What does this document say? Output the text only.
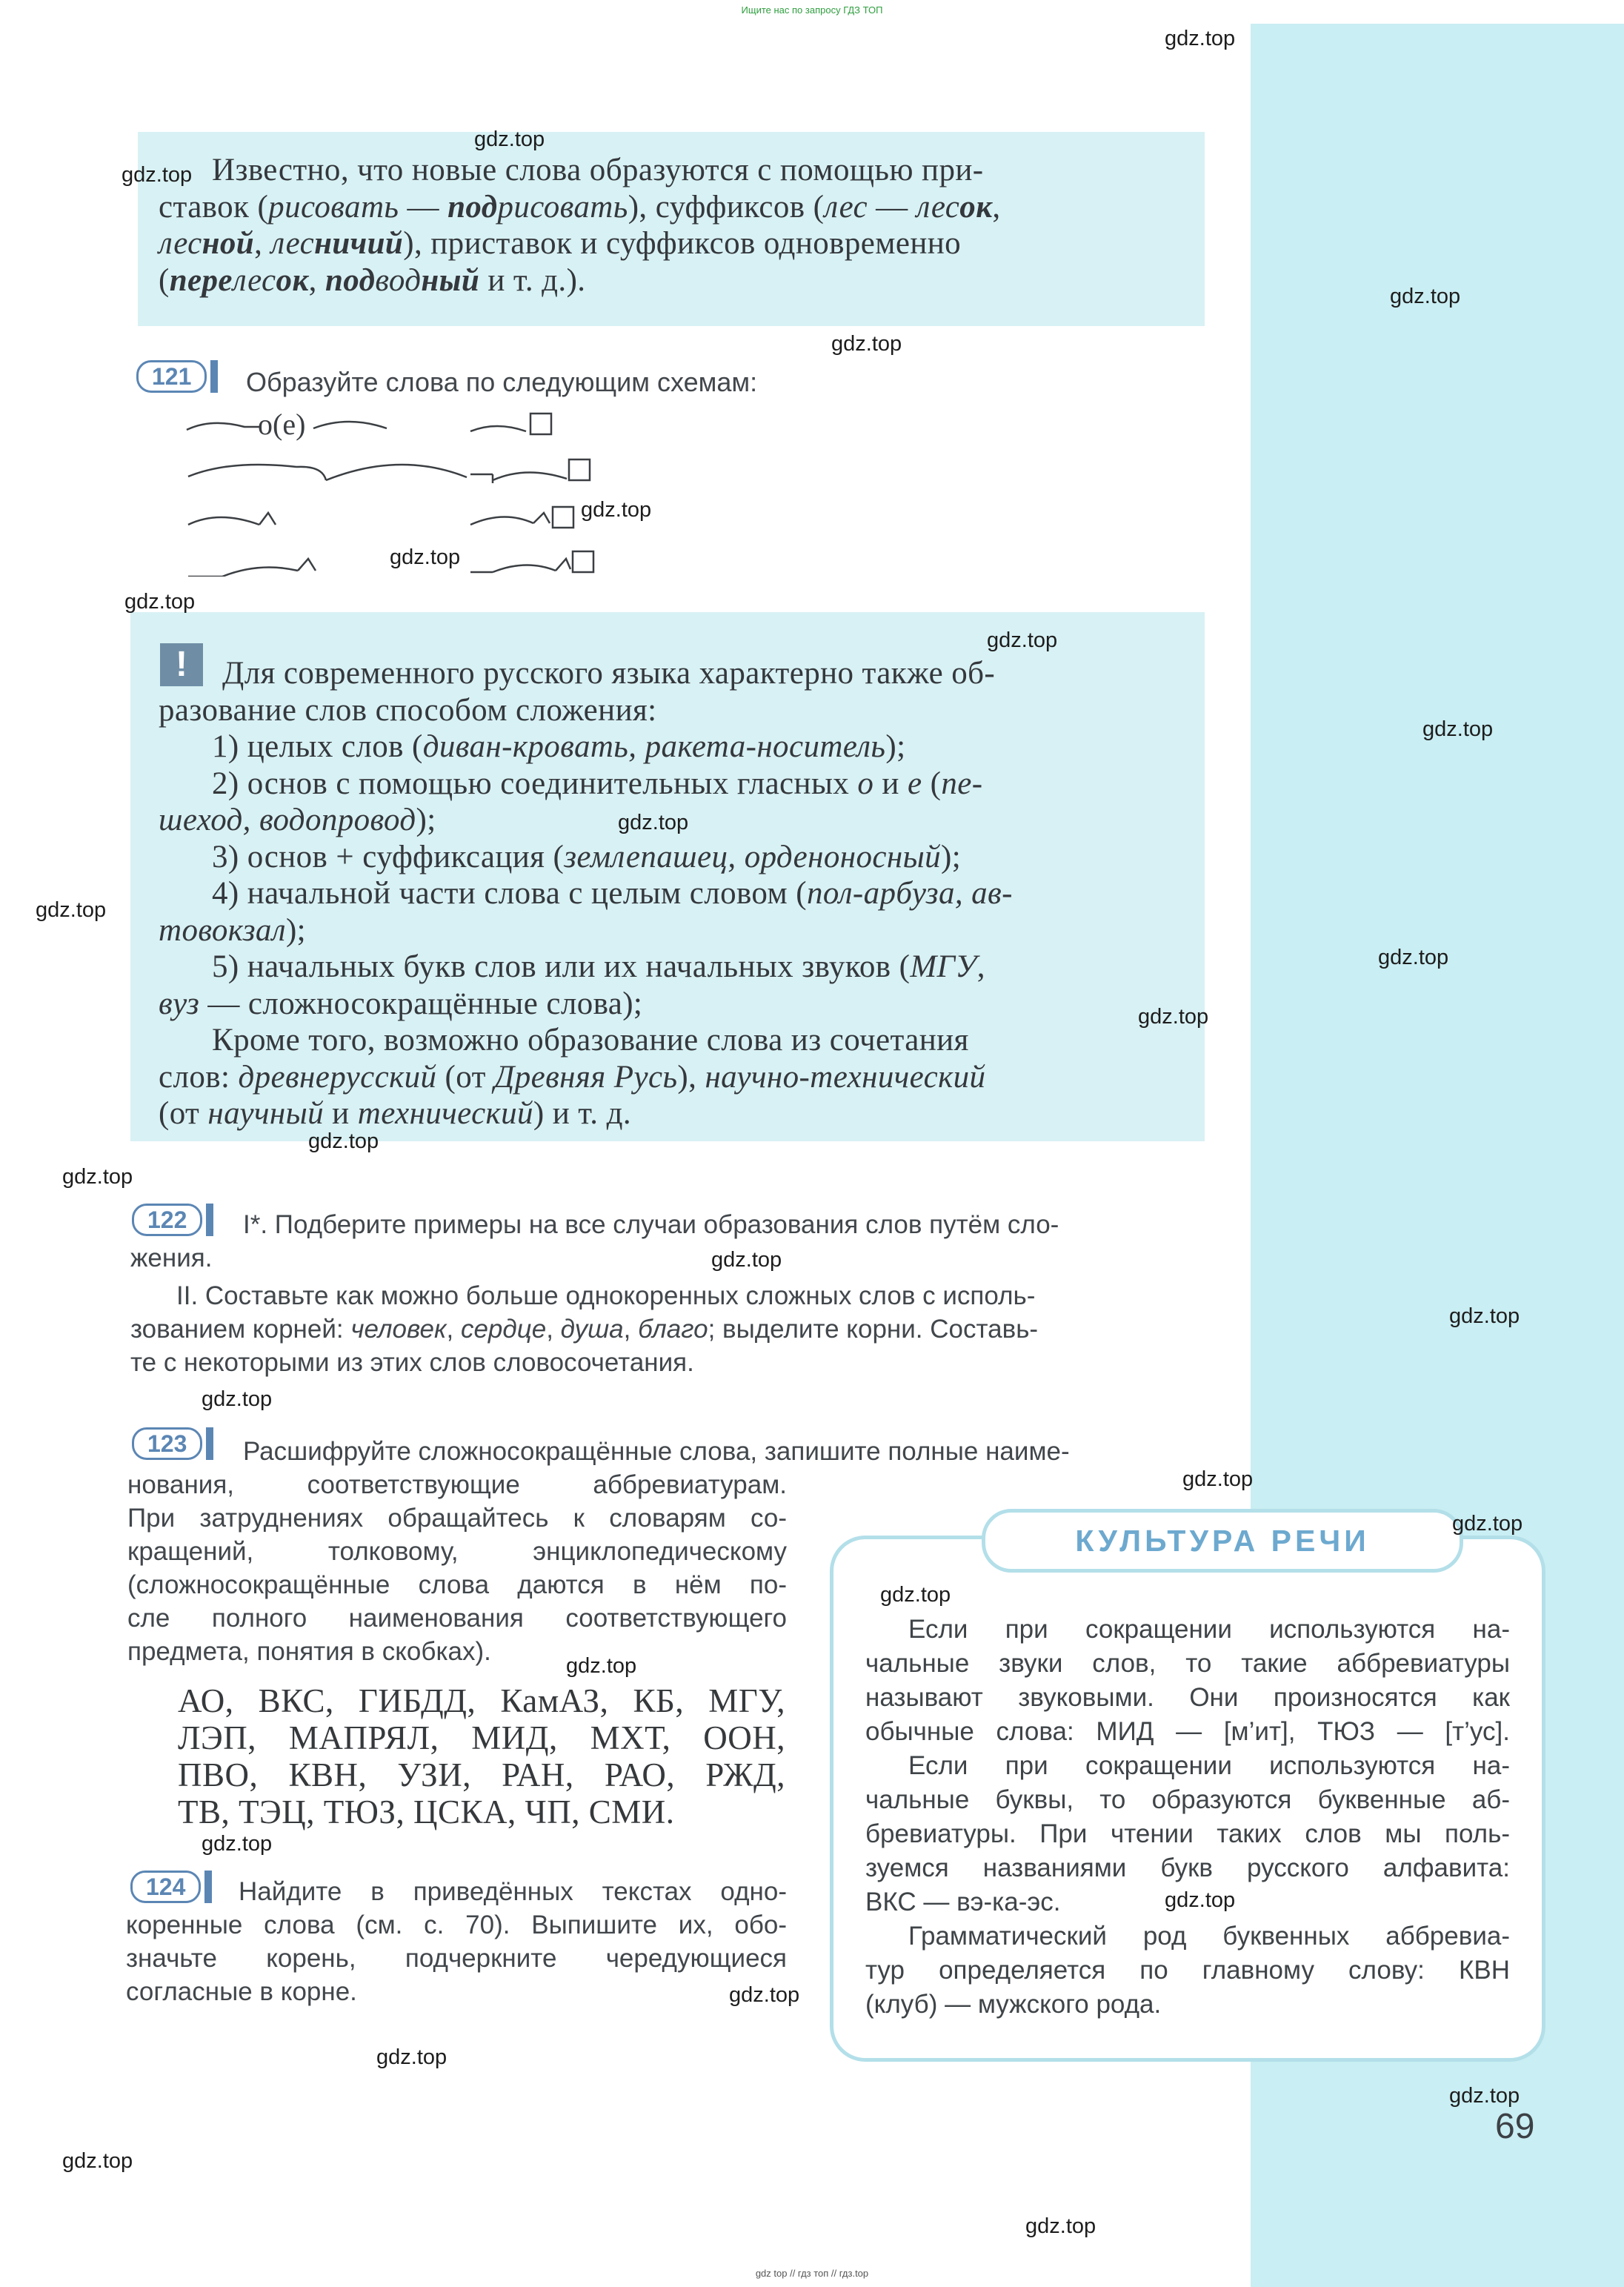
Ищите нас по запросу ГДЗ ТОП

Известно, что новые слова образуются с помощью при-

ставок (рисовать — подрисовать), суффиксов (лес — лесок,

лесной, лесничий), приставок и суффиксов одновременно

(перелесок, подводный и т. д.).

121	Образуйте слова по следующим схемам:
о(е)
!	Для современного русского языка характерно также об-

разование слов способом сложения:

1) целых слов (диван-кровать, ракета-носитель);

2) основ с помощью соединительных гласных о и е (пе-

шеход, водопровод);

3) основ + суффиксация (землепашец, орденоносный);

4) начальной части слова с целым словом (пол-арбуза, ав-

товокзал);

5) начальных букв слов или их начальных звуков (МГУ,

вуз — сложносокращённые слова);

Кроме того, возможно образование слова из сочетания

слов: древнерусский (от Древняя Русь), научно-технический

(от научный и технический) и т. д.

122	I*. Подберите примеры на все случаи образования слов путём сло-

жения.

II. Составьте как можно больше однокоренных сложных слов с исполь-

зованием корней: человек, сердце, душа, благо; выделите корни. Составь-

те с некоторыми из этих слов словосочетания.

123	Расшифруйте сложносокращённые слова, запишите полные наиме-

нования, соответствующие аббревиатурам.

При затруднениях обращайтесь к словарям со-

кращений, толковому, энциклопедическому

(сложносокращённые слова даются в нём по-

сле полного наименования соответствующего

предмета, понятия в скобках).

АО, ВКС, ГИБДД, КамАЗ, КБ, МГУ,

ЛЭП, МАПРЯЛ, МИД, МХТ, ООН,

ПВО, КВН, УЗИ, РАН, РАО, РЖД,

ТВ, ТЭЦ, ТЮЗ, ЦСКА, ЧП, СМИ.

124	Найдите в приведённых текстах одно-

коренные слова (см. с. 70). Выпишите их, обо-

значьте корень, подчеркните чередующиеся

согласные в корне.

КУЛЬТУРА РЕЧИ

Если при сокращении используются на-

чальные звуки слов, то такие аббревиатуры

называют звуковыми. Они произносятся как

обычные слова: МИД — [м’ит], ТЮЗ — [т’ус].

Если при сокращении используются на-

чальные буквы, то образуются буквенные аб-

бревиатуры. При чтении таких слов мы поль-

зуемся названиями букв русского алфавита:

ВКС — вэ-ка-эс.

Грамматический род буквенных аббревиа-

тур определяется по главному слову: КВН

(клуб) — мужского рода.

69
gdz.top
gdz.top
gdz.top
gdz.top
gdz.top
gdz.top
gdz.top
gdz.top
gdz.top
gdz.top
gdz.top
gdz.top
gdz.top
gdz.top
gdz.top
gdz.top
gdz.top
gdz.top
gdz.top
gdz.top
gdz.top
gdz.top
gdz.top
gdz.top
gdz.top
gdz.top
gdz.top
gdz.top
gdz.top
gdz.top
gdz top // гдз топ // гдз.top
